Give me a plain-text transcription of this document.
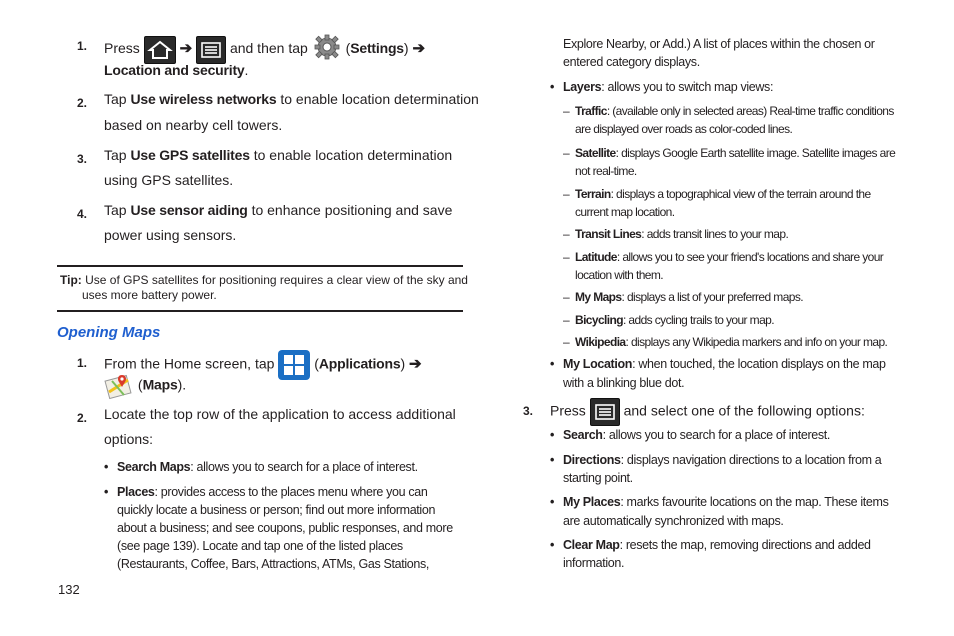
1. Press	➔	and then tap	(Settings) ➔
Location and security.
2. Tap Use wireless networks to enable location determination
based on nearby cell towers.
3. Tap Use GPS satellites to enable location determination
using GPS satellites.
4. Tap Use sensor aiding to enhance positioning and save
power using sensors.
Tip: Use of GPS satellites for positioning requires a clear view of the sky and
uses more battery power.
Opening Maps
1. From the Home screen, tap	(Applications) ➔
(Maps).
2. Locate the top row of the application to access additional
options:
• Search Maps: allows you to search for a place of interest.
• Places: provides access to the places menu where you can
quickly locate a business or person; find out more information
about a business; and see coupons, public responses, and more
(see page 139). Locate and tap one of the listed places
(Restaurants, Coffee, Bars, Attractions, ATMs, Gas Stations,
132
Explore Nearby, or Add.) A list of places within the chosen or
entered category displays.
• Layers: allows you to switch map views:
– Traffic: (available only in selected areas) Real-time traffic conditions
are displayed over roads as color-coded lines.
– Satellite: displays Google Earth satellite image. Satellite images are
not real-time.
– Terrain: displays a topographical view of the terrain around the
current map location.
– Transit Lines: adds transit lines to your map.
– Latitude: allows you to see your friend's locations and share your
location with them.
– My Maps: displays a list of your preferred maps.
– Bicycling: adds cycling trails to your map.
– Wikipedia: displays any Wikipedia markers and info on your map.
• My Location: when touched, the location displays on the map
with a blinking blue dot.
3. Press	and select one of the following options:
• Search: allows you to search for a place of interest.
• Directions: displays navigation directions to a location from a
starting point.
• My Places: marks favourite locations on the map. These items
are automatically synchronized with maps.
• Clear Map: resets the map, removing directions and added
information.
